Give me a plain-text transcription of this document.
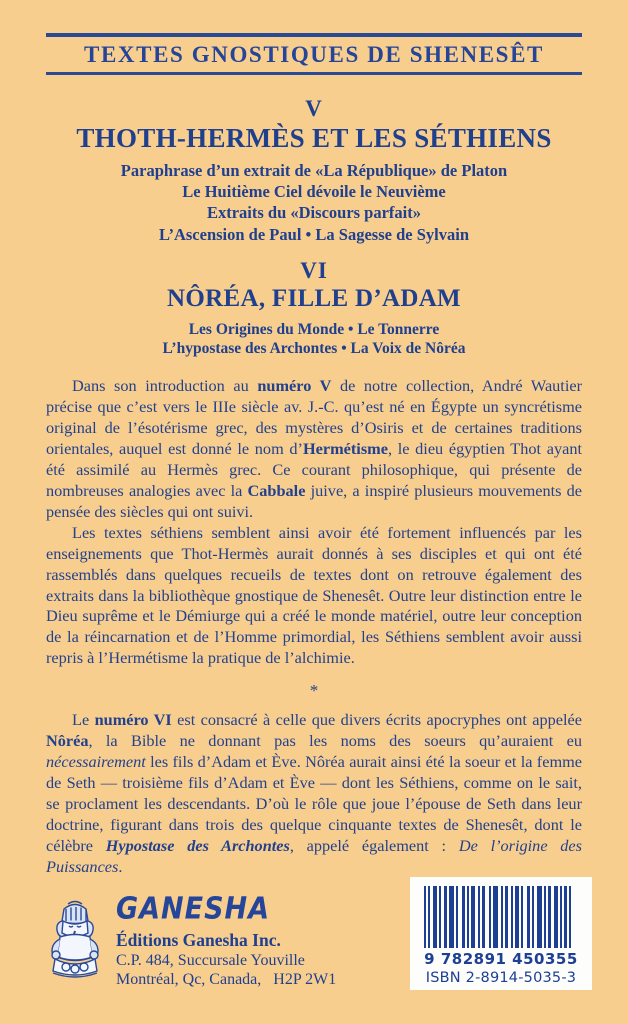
TEXTES GNOSTIQUES DE SHENESÊT
V
THOTH-HERMÈS ET LES SÉTHIENS
Paraphrase d’un extrait de «La République» de Platon
Le Huitième Ciel dévoile le Neuvième
Extraits du «Discours parfait»
L’Ascension de Paul • La Sagesse de Sylvain
VI
NÔRÉA, FILLE D’ADAM
Les Origines du Monde • Le Tonnerre
L’hypostase des Archontes • La Voix de Nôréa

Dans son introduction au numéro V de notre collection, André Wautier précise que c’est vers le IIIe siècle av. J.-C. qu’est né en Égypte un syncrétisme original de l’ésotérisme grec, des mystères d’Osiris et de certaines traditions orientales, auquel est donné le nom d’Hermétisme, le dieu égyptien Thot ayant été assimilé au Hermès grec. Ce courant philosophique, qui présente de nombreuses analogies avec la Cabbale juive, a inspiré plusieurs mouvements de pensée des siècles qui ont suivi.

Les textes séthiens semblent ainsi avoir été fortement influencés par les enseignements que Thot-Hermès aurait donnés à ses disciples et qui ont été rassemblés dans quelques recueils de textes dont on retrouve également des extraits dans la bibliothèque gnostique de Shenesêt. Outre leur distinction entre le Dieu suprême et le Démiurge qui a créé le monde matériel, outre leur conception de la réincarnation et de l’Homme primordial, les Séthiens semblent avoir aussi repris à l’Hermétisme la pratique de l’alchimie.

*

Le numéro VI est consacré à celle que divers écrits apocryphes ont appelée Nôréa, la Bible ne donnant pas les noms des soeurs qu’auraient eu nécessairement les fils d’Adam et Ève. Nôréa aurait ainsi été la soeur et la femme de Seth — troisième fils d’Adam et Ève — dont les Séthiens, comme on le sait, se proclament les descendants. D’où le rôle que joue l’épouse de Seth dans leur doctrine, figurant dans trois des quelque cinquante textes de Shenesêt, dont le célèbre Hypostase des Archontes, appelé également : De l’origine des Puissances.

GANESHA
Éditions Ganesha Inc.
C.P. 484, Succursale Youville
Montréal, Qc, Canada, H2P 2W1
9 782891 450355
ISBN 2-8914-5035-3
